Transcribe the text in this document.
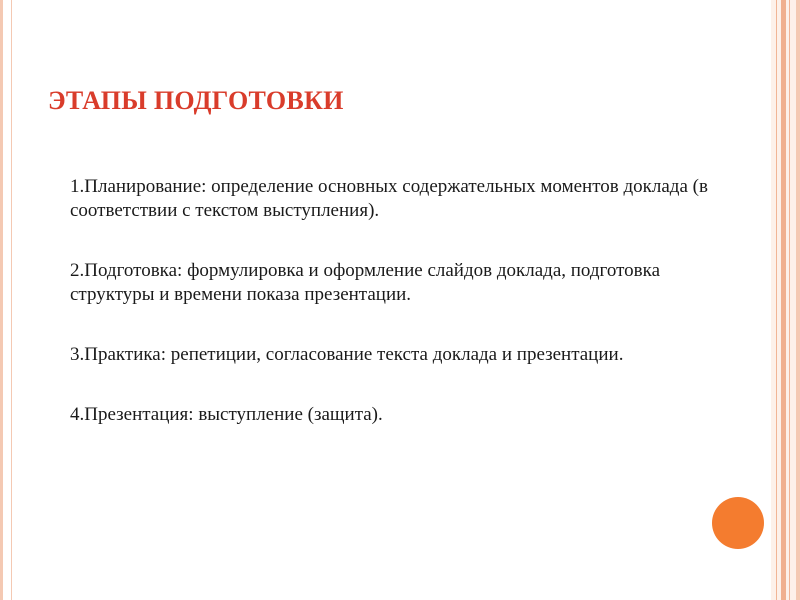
ЭТАПЫ ПОДГОТОВКИ
1.Планирование: определение основных содержательных моментов доклада (в соответствии с текстом выступления).
2.Подготовка: формулировка и оформление слайдов доклада, подготовка структуры и времени показа презентации.
3.Практика: репетиции, согласование текста доклада и презентации.
4.Презентация: выступление (защита).
